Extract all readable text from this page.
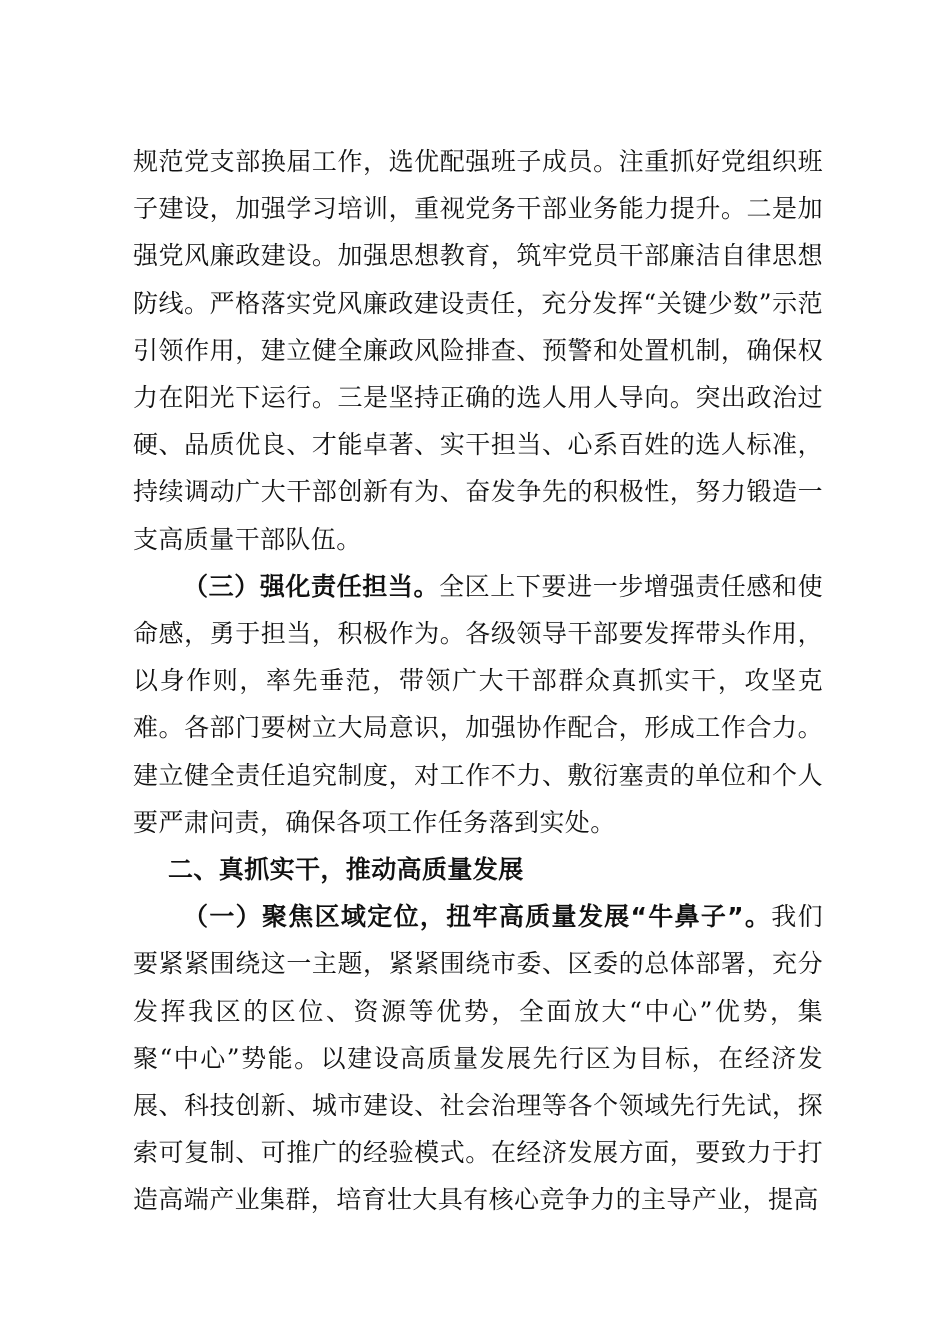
规范党支部换届工作，选优配强班子成员。注重抓好党组织班子建设，加强学习培训，重视党务干部业务能力提升。二是加强党风廉政建设。加强思想教育，筑牢党员干部廉洁自律思想防线。严格落实党风廉政建设责任，充分发挥“关键少数”示范引领作用，建立健全廉政风险排查、预警和处置机制，确保权力在阳光下运行。三是坚持正确的选人用人导向。突出政治过硬、品质优良、才能卓著、实干担当、心系百姓的选人标准，持续调动广大干部创新有为、奋发争先的积极性，努力锻造一支高质量干部队伍。

（三）强化责任担当。全区上下要进一步增强责任感和使命感，勇于担当，积极作为。各级领导干部要发挥带头作用，以身作则，率先垂范，带领广大干部群众真抓实干，攻坚克难。各部门要树立大局意识，加强协作配合，形成工作合力。建立健全责任追究制度，对工作不力、敷衍塞责的单位和个人要严肃问责，确保各项工作任务落到实处。

二、真抓实干，推动高质量发展

（一）聚焦区域定位，扭牢高质量发展“牛鼻子”。我们要紧紧围绕这一主题，紧紧围绕市委、区委的总体部署，充分发挥我区的区位、资源等优势，全面放大“中心”优势，集聚“中心”势能。以建设高质量发展先行区为目标，在经济发展、科技创新、城市建设、社会治理等各个领域先行先试，探索可复制、可推广的经验模式。在经济发展方面，要致力于打造高端产业集群，培育壮大具有核心竞争力的主导产业，提高
